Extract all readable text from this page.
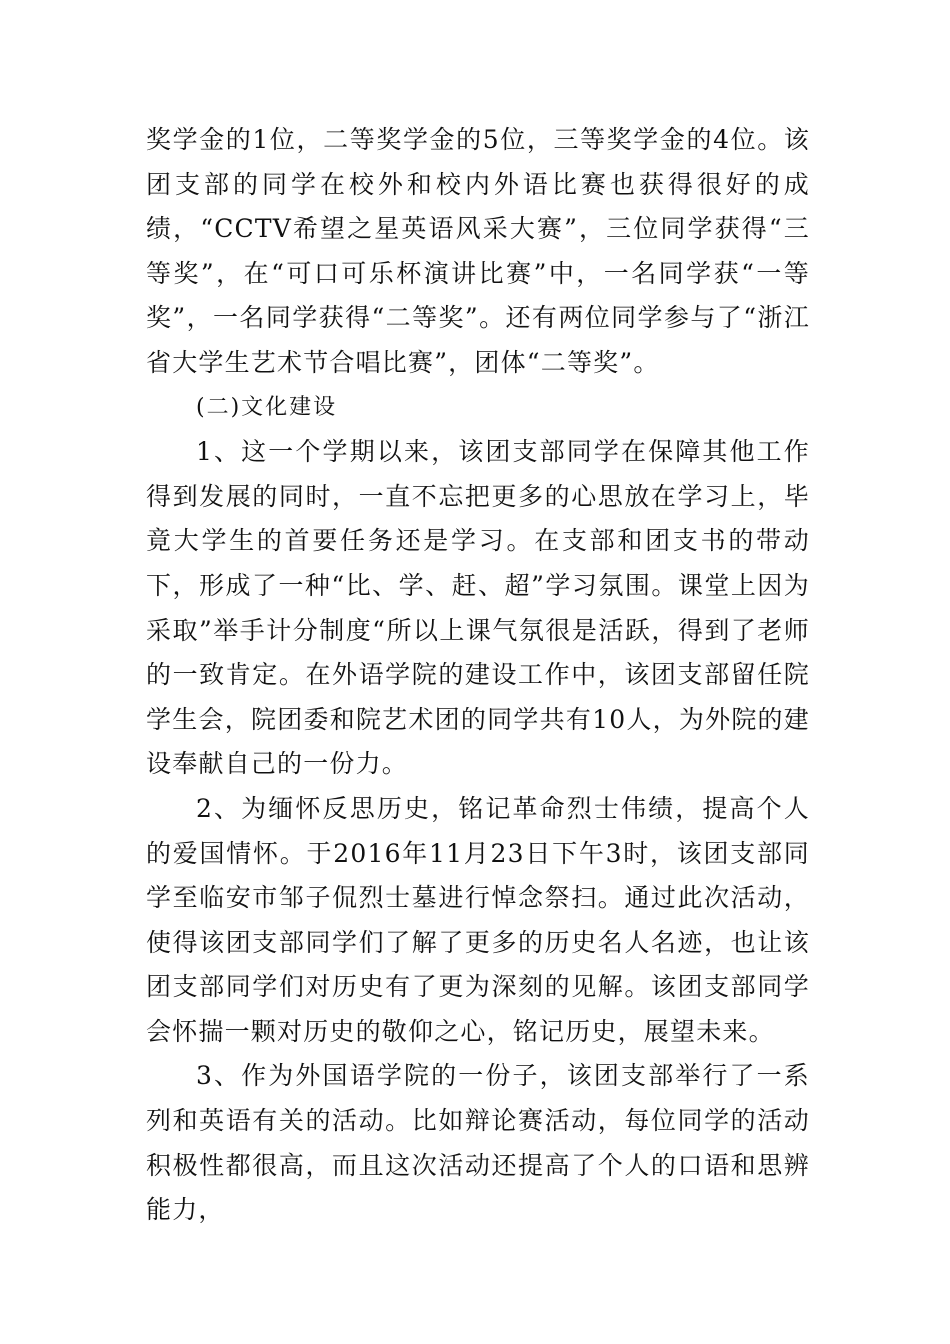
奖学金的1位，二等奖学金的5位，三等奖学金的4位。该团支部的同学在校外和校内外语比赛也获得很好的成绩，“CCTV希望之星英语风采大赛”，三位同学获得“三等奖”，在“可口可乐杯演讲比赛”中，一名同学获“一等奖”，一名同学获得“二等奖”。还有两位同学参与了“浙江省大学生艺术节合唱比赛”，团体“二等奖”。

(二)文化建设

1、这一个学期以来，该团支部同学在保障其他工作得到发展的同时，一直不忘把更多的心思放在学习上，毕竟大学生的首要任务还是学习。在支部和团支书的带动下，形成了一种“比、学、赶、超”学习氛围。课堂上因为采取”举手计分制度“所以上课气氛很是活跃，得到了老师的一致肯定。在外语学院的建设工作中，该团支部留任院学生会，院团委和院艺术团的同学共有10人，为外院的建设奉献自己的一份力。

2、为缅怀反思历史，铭记革命烈士伟绩，提高个人的爱国情怀。于2016年11月23日下午3时，该团支部同学至临安市邹子侃烈士墓进行悼念祭扫。通过此次活动，使得该团支部同学们了解了更多的历史名人名迹，也让该团支部同学们对历史有了更为深刻的见解。该团支部同学会怀揣一颗对历史的敬仰之心，铭记历史，展望未来。

3、作为外国语学院的一份子，该团支部举行了一系列和英语有关的活动。比如辩论赛活动，每位同学的活动积极性都很高，而且这次活动还提高了个人的口语和思辨能力，
